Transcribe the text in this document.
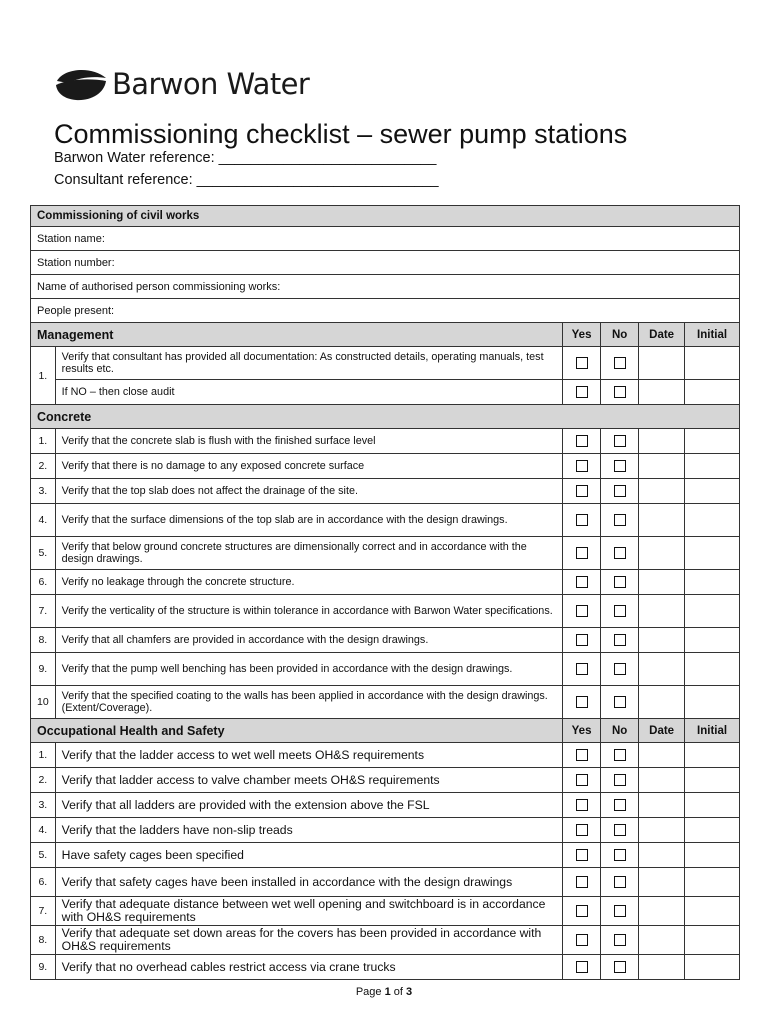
Barwon Water
Commissioning checklist – sewer pump stations
Barwon Water reference: ___________________________
Consultant reference: ______________________________
Commissioning of civil works					
Station name:					
Station number:					
Name of authorised person commissioning works:					
People present:					
Management		Yes	No	Date	Initial
1.	Verify that consultant has provided all documentation: As constructed details, operating manuals, test results etc.				
	If NO – then close audit				
Concrete					
1.	Verify that the concrete slab is flush with the finished surface level				
2.	Verify that there is no damage to any exposed concrete surface				
3.	Verify that the top slab does not affect the drainage of the site.				
4.	Verify that the surface dimensions of the top slab are in accordance with the design drawings.				
5.	Verify that below ground concrete structures are dimensionally correct and in accordance with the design drawings.				
6.	Verify no leakage through the concrete structure.				
7.	Verify the verticality of the structure is within tolerance in accordance with Barwon Water specifications.				
8.	Verify that all chamfers are provided in accordance with the design drawings.				
9.	Verify that the pump well benching has been provided in accordance with the design drawings.				
10	Verify that the specified coating to the walls has been applied in accordance with the design drawings. (Extent/Coverage).				
Occupational Health and Safety		Yes	No	Date	Initial
1.	Verify that the ladder access to wet well meets OH&S requirements				
2.	Verify that ladder access to valve chamber meets OH&S requirements				
3.	Verify that all ladders are provided with the extension above the FSL				
4.	Verify that the ladders have non-slip treads				
5.	Have safety cages been specified				
6.	Verify that safety cages have been installed in accordance with the design drawings				
7.	Verify that adequate distance between wet well opening and switchboard is in accordance with OH&S requirements				
8.	Verify that adequate set down areas for the covers has been provided in accordance with OH&S requirements				
9.	Verify that no overhead cables restrict access via crane trucks				
Page 1 of 3
